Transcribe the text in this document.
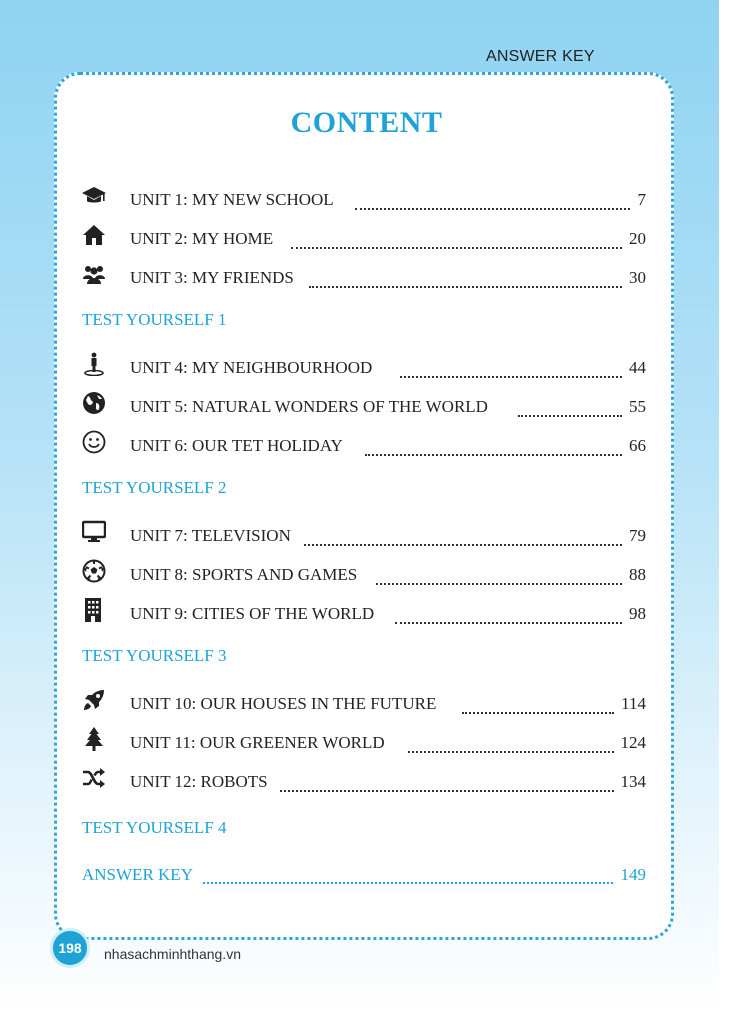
ANSWER KEY
CONTENT
UNIT 1: MY NEW SCHOOL	7
UNIT 2: MY HOME	20
UNIT 3: MY FRIENDS	30
TEST YOURSELF 1
UNIT 4: MY NEIGHBOURHOOD	44
UNIT 5: NATURAL WONDERS OF THE WORLD	55
UNIT 6: OUR TET HOLIDAY	66
TEST YOURSELF 2
UNIT 7: TELEVISION	79
UNIT 8: SPORTS AND GAMES	88
UNIT 9: CITIES OF THE WORLD	98
TEST YOURSELF 3
UNIT 10: OUR HOUSES IN THE FUTURE	114
UNIT 11: OUR GREENER WORLD	124
UNIT 12: ROBOTS	134
TEST YOURSELF 4
ANSWER KEY	149
198	nhasachminhthang.vn
